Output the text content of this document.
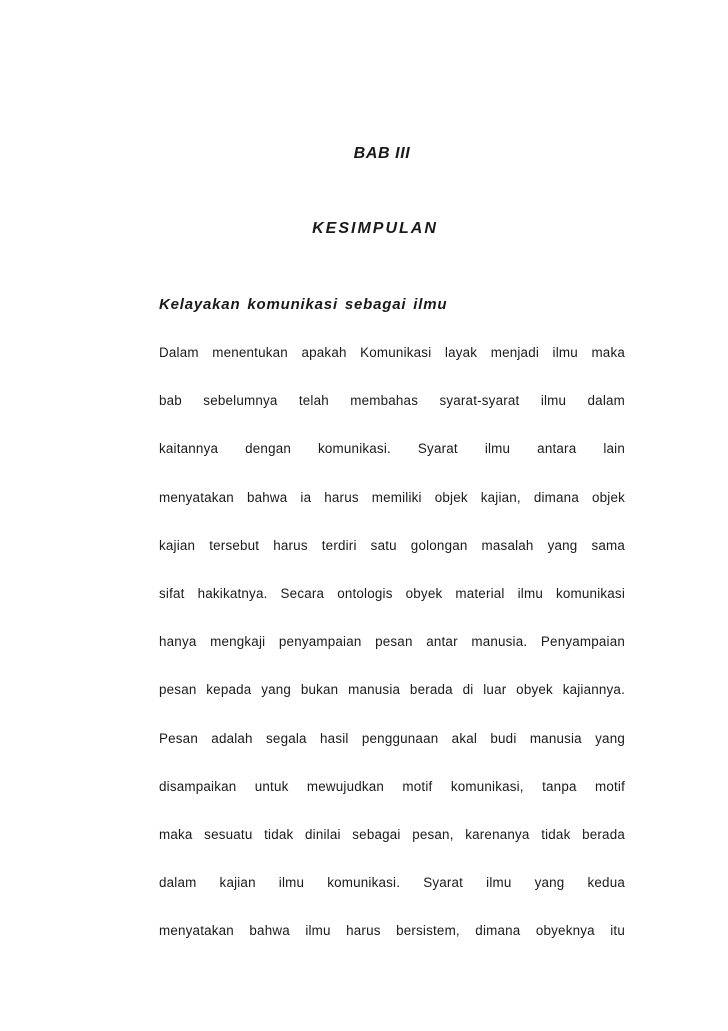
BAB III
KESIMPULAN
Kelayakan komunikasi sebagai ilmu
Dalam menentukan apakah Komunikasi layak menjadi ilmu maka
bab sebelumnya telah membahas syarat-syarat ilmu dalam
kaitannya dengan komunikasi. Syarat ilmu antara lain
menyatakan bahwa ia harus memiliki objek kajian, dimana objek
kajian tersebut harus terdiri satu golongan masalah yang sama
sifat hakikatnya. Secara ontologis obyek material ilmu komunikasi
hanya mengkaji penyampaian pesan antar manusia. Penyampaian
pesan kepada yang bukan manusia berada di luar obyek kajiannya.
Pesan adalah segala hasil penggunaan akal budi manusia yang
disampaikan untuk mewujudkan motif komunikasi, tanpa motif
maka sesuatu tidak dinilai sebagai pesan, karenanya tidak berada
dalam kajian ilmu komunikasi. Syarat ilmu yang kedua
menyatakan bahwa ilmu harus bersistem, dimana obyeknya itu
